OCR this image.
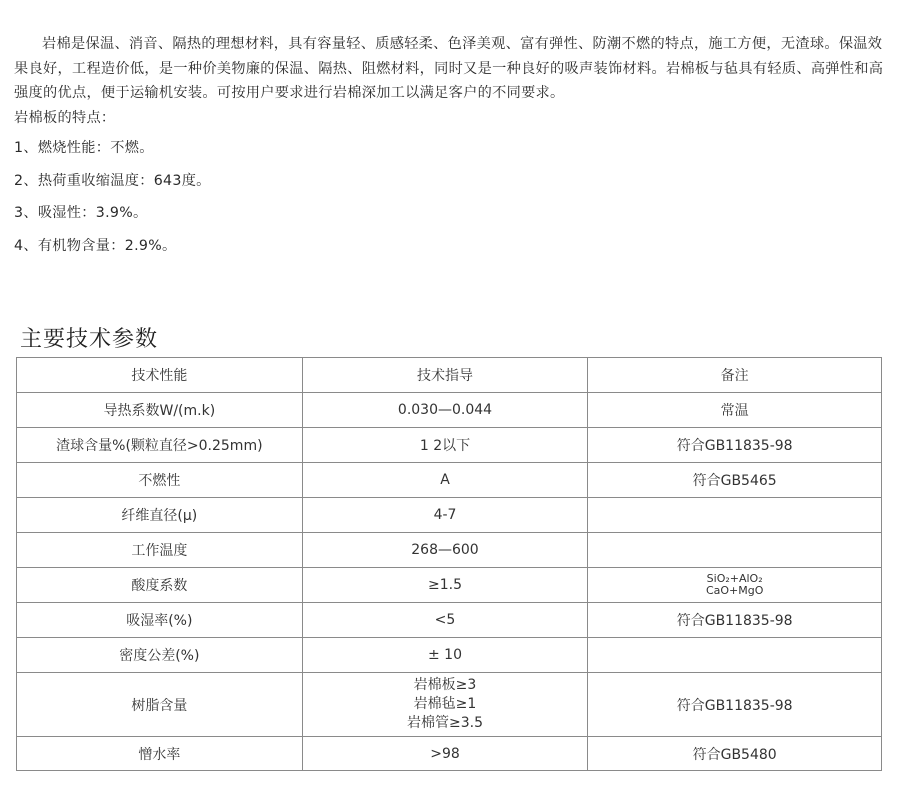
岩棉是保温、消音、隔热的理想材料，具有容量轻、质感轻柔、色泽美观、富有弹性、防潮不燃的特点，施工方便，无渣球。保温效果良好，工程造价低，是一种价美物廉的保温、隔热、阻燃材料，同时又是一种良好的吸声装饰材料。岩棉板与毡具有轻质、高弹性和高强度的优点，便于运输机安装。可按用户要求进行岩棉深加工以满足客户的不同要求。

岩棉板的特点：

1、燃烧性能：不燃。

2、热荷重收缩温度：643度。

3、吸湿性：3.9%。

4、有机物含量：2.9%。

主要技术参数
技术性能	技术指导	备注
导热系数W/(m.k)	0.030—0.044	常温
渣球含量%(颗粒直径>0.25mm)	1 2以下	符合GB11835-98
不燃性	A	符合GB5465
纤维直径(μ)	4-7	
工作温度	268—600	
酸度系数	≥1.5	SiO₂+AlO₂
CaO+MgO

吸湿率(%)	<5	符合GB11835-98
密度公差(%)	± 10	
树脂含量	岩棉板≥3
岩棉毡≥1
岩棉管≥3.5	符合GB11835-98
憎水率	>98	符合GB5480
